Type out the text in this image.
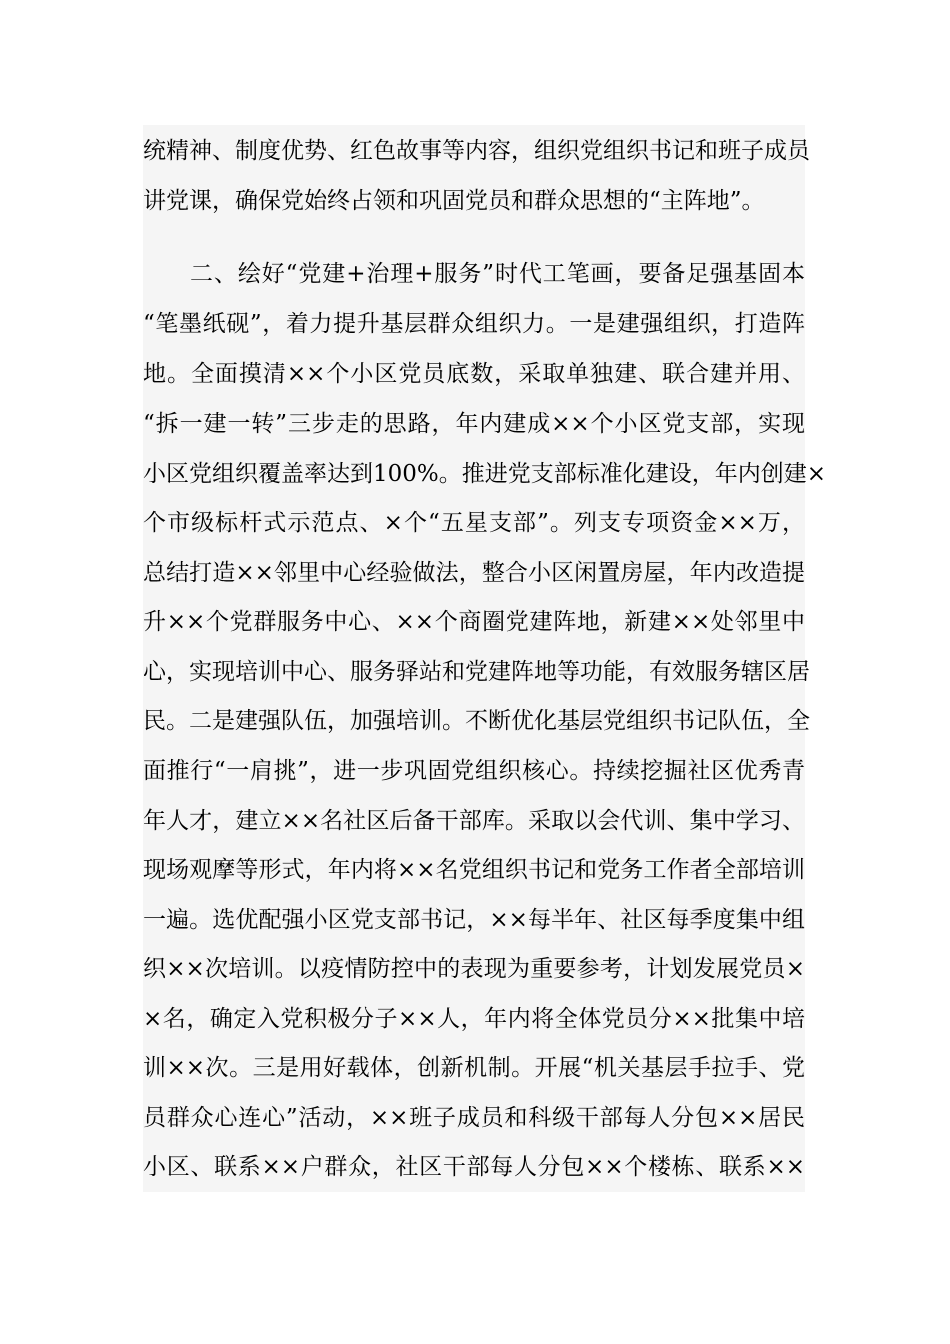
统精神、制度优势、红色故事等内容，组织党组织书记和班子成员
讲党课，确保党始终占领和巩固党员和群众思想的“主阵地”。
二、绘好“党建+治理+服务”时代工笔画，要备足强基固本
“笔墨纸砚”，着力提升基层群众组织力。一是建强组织，打造阵
地。全面摸清××个小区党员底数，采取单独建、联合建并用、
“拆一建一转”三步走的思路，年内建成××个小区党支部，实现
小区党组织覆盖率达到100%。推进党支部标准化建设，年内创建×
个市级标杆式示范点、×个“五星支部”。列支专项资金××万，
总结打造××邻里中心经验做法，整合小区闲置房屋，年内改造提
升××个党群服务中心、××个商圈党建阵地，新建××处邻里中
心，实现培训中心、服务驿站和党建阵地等功能，有效服务辖区居
民。二是建强队伍，加强培训。不断优化基层党组织书记队伍，全
面推行“一肩挑”，进一步巩固党组织核心。持续挖掘社区优秀青
年人才，建立××名社区后备干部库。采取以会代训、集中学习、
现场观摩等形式，年内将××名党组织书记和党务工作者全部培训
一遍。选优配强小区党支部书记，××每半年、社区每季度集中组
织××次培训。以疫情防控中的表现为重要参考，计划发展党员×
×名，确定入党积极分子××人，年内将全体党员分××批集中培
训××次。三是用好载体，创新机制。开展“机关基层手拉手、党
员群众心连心”活动，××班子成员和科级干部每人分包××居民
小区、联系××户群众，社区干部每人分包××个楼栋、联系××
